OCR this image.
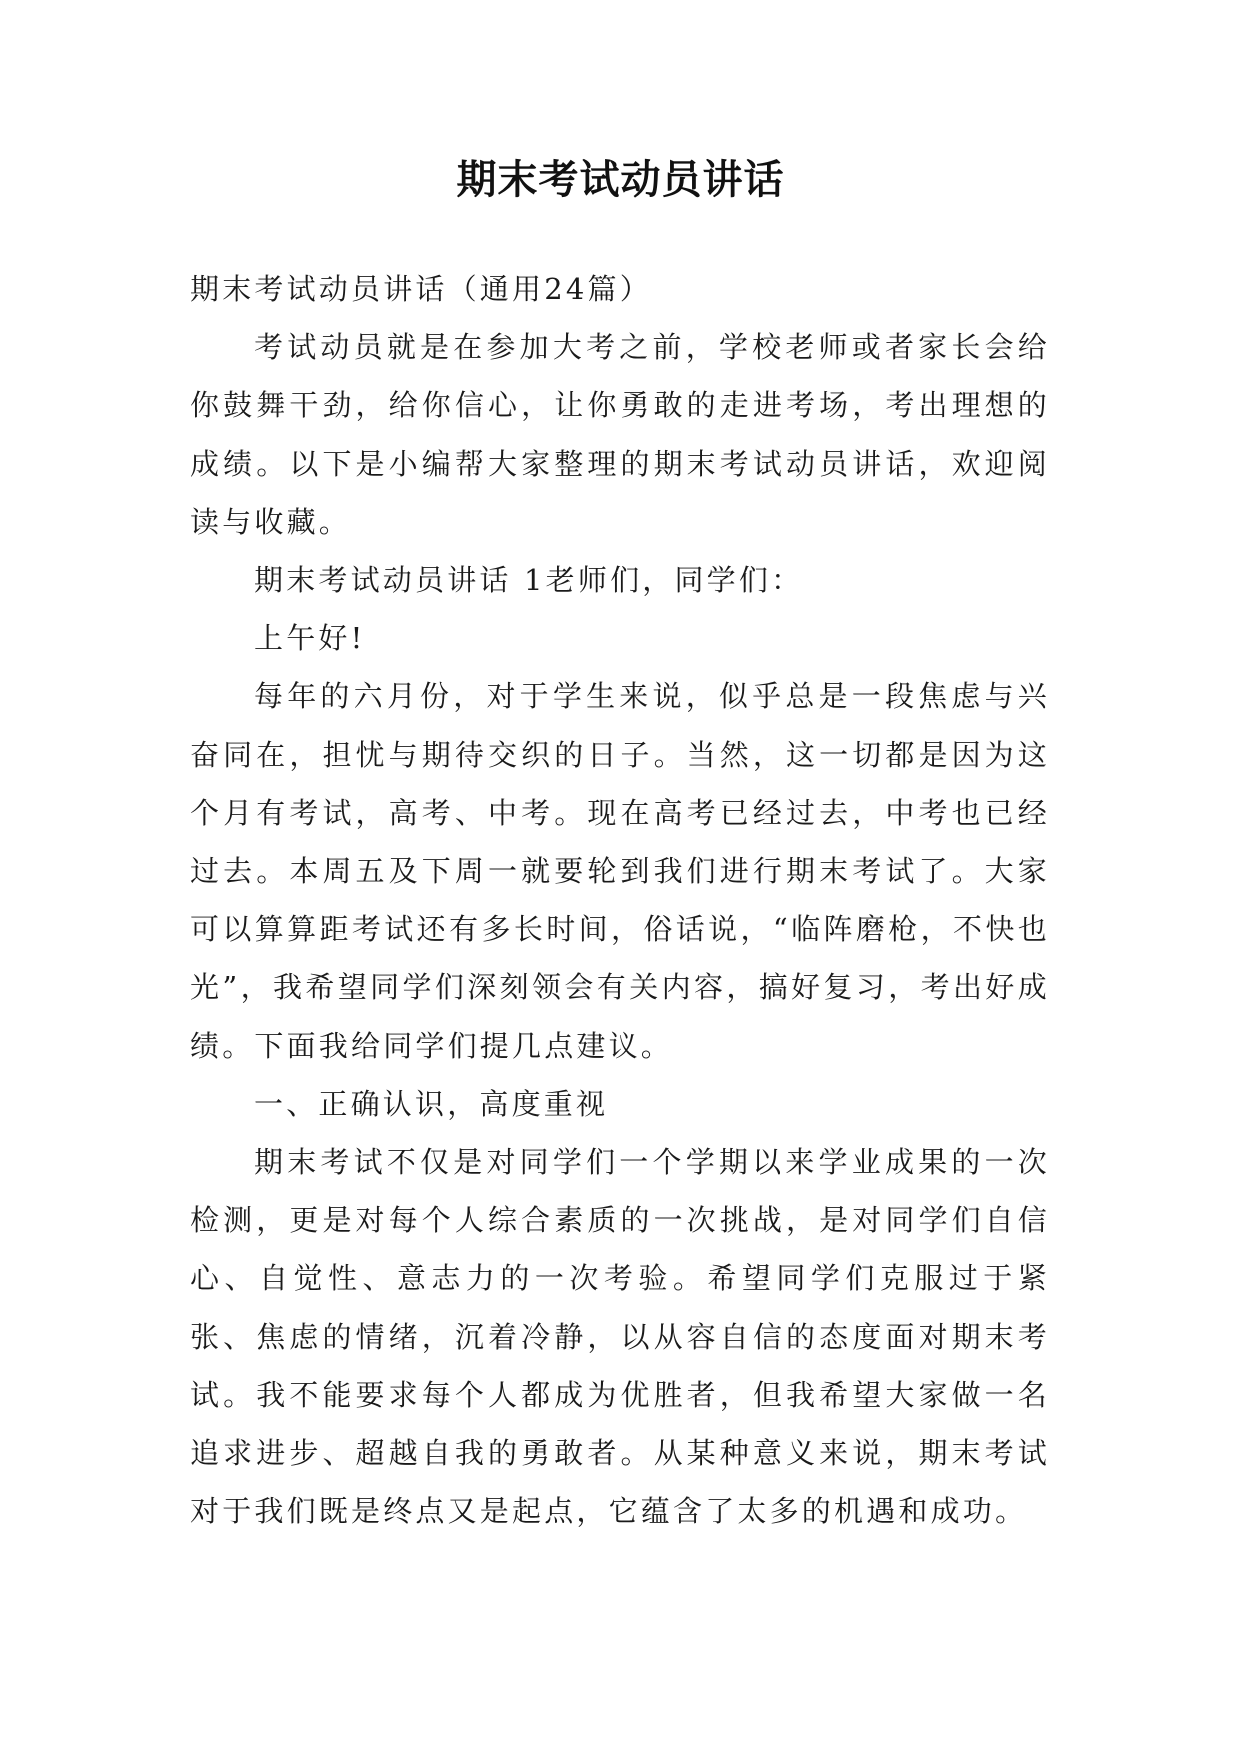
期末考试动员讲话

期末考试动员讲话（通用24篇）

考试动员就是在参加大考之前，学校老师或者家长会给你鼓舞干劲，给你信心，让你勇敢的走进考场，考出理想的成绩。以下是小编帮大家整理的期末考试动员讲话，欢迎阅读与收藏。

期末考试动员讲话 1老师们，同学们：

上午好!

每年的六月份，对于学生来说，似乎总是一段焦虑与兴奋同在，担忧与期待交织的日子。当然，这一切都是因为这个月有考试，高考、中考。现在高考已经过去，中考也已经过去。本周五及下周一就要轮到我们进行期末考试了。大家可以算算距考试还有多长时间，俗话说，“临阵磨枪，不快也光”，我希望同学们深刻领会有关内容，搞好复习，考出好成绩。下面我给同学们提几点建议。

一、正确认识，高度重视

期末考试不仅是对同学们一个学期以来学业成果的一次检测，更是对每个人综合素质的一次挑战，是对同学们自信心、自觉性、意志力的一次考验。希望同学们克服过于紧张、焦虑的情绪，沉着冷静，以从容自信的态度面对期末考试。我不能要求每个人都成为优胜者，但我希望大家做一名追求进步、超越自我的勇敢者。从某种意义来说，期末考试对于我们既是终点又是起点，它蕴含了太多的机遇和成功。
